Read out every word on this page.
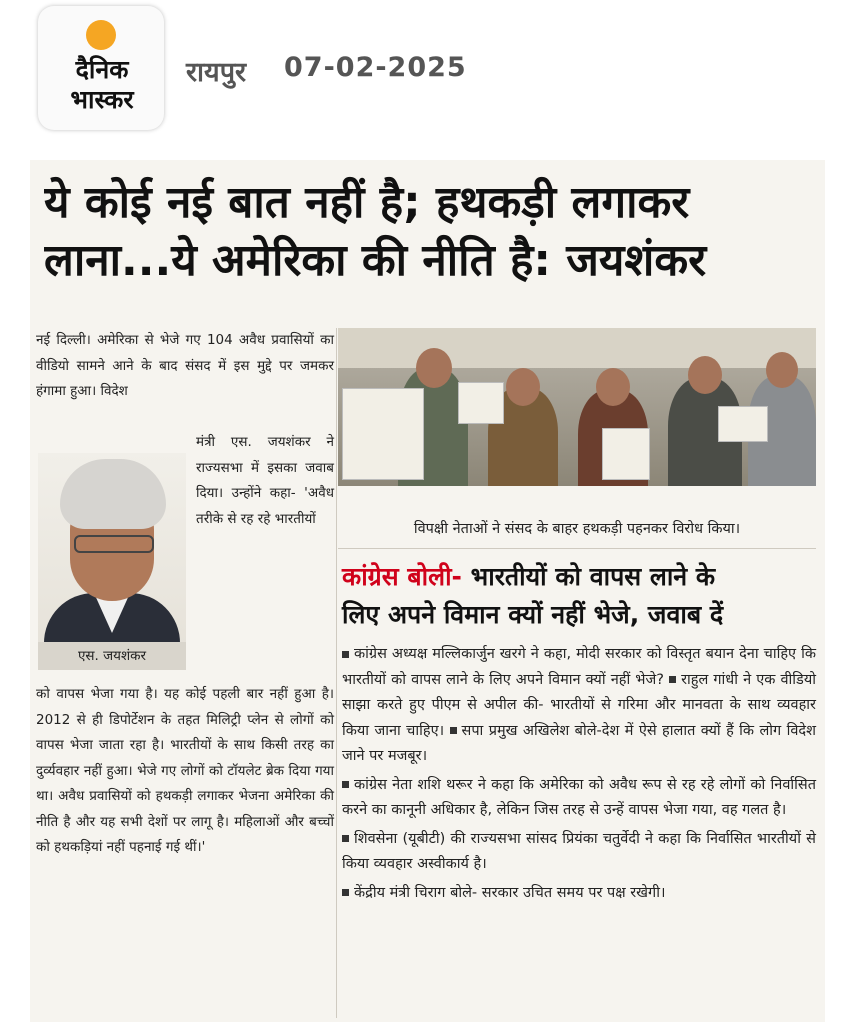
दैनिक
भास्कर
रायपुर 07-02-2025
ये कोई नई बात नहीं है; हथकड़ी लगाकर
लाना...ये अमेरिका की नीति है: जयशंकर
नई दिल्ली। अमेरिका से भेजे गए 104 अवैध प्रवासियों का वीडियो सामने आने के बाद संसद में इस मुद्दे पर जमकर हंगामा हुआ। विदेश
एस. जयशंकर
मंत्री एस. जयशंकर ने राज्यसभा में इसका जवाब दिया। उन्होंने कहा- 'अवैध तरीके से रह रहे भारतीयों
को वापस भेजा गया है। यह कोई पहली बार नहीं हुआ है। 2012 से ही डिपोर्टेशन के तहत मिलिट्री प्लेन से लोगों को वापस भेजा जाता रहा है। भारतीयों के साथ किसी तरह का दुर्व्यवहार नहीं हुआ। भेजे गए लोगों को टॉयलेट ब्रेक दिया गया था। अवैध प्रवासियों को हथकड़ी लगाकर भेजना अमेरिका की नीति है और यह सभी देशों पर लागू है। महिलाओं और बच्चों को हथकड़ियां नहीं पहनाई गई थीं।'
विपक्षी नेताओं ने संसद के बाहर हथकड़ी पहनकर विरोध किया।
कांग्रेस बोली- भारतीयों को वापस लाने के
लिए अपने विमान क्यों नहीं भेजे, जवाब दें

कांग्रेस अध्यक्ष मल्लिकार्जुन खरगे ने कहा, मोदी सरकार को विस्तृत बयान देना चाहिए कि भारतीयों को वापस लाने के लिए अपने विमान क्यों नहीं भेजे? राहुल गांधी ने एक वीडियो साझा करते हुए पीएम से अपील की- भारतीयों से गरिमा और मानवता के साथ व्यवहार किया जाना चाहिए। सपा प्रमुख अखिलेश बोले-देश में ऐसे हालात क्यों हैं कि लोग विदेश जाने पर मजबूर।

कांग्रेस नेता शशि थरूर ने कहा कि अमेरिका को अवैध रूप से रह रहे लोगों को निर्वासित करने का कानूनी अधिकार है, लेकिन जिस तरह से उन्हें वापस भेजा गया, वह गलत है।

शिवसेना (यूबीटी) की राज्यसभा सांसद प्रियंका चतुर्वेदी ने कहा कि निर्वासित भारतीयों से किया व्यवहार अस्वीकार्य है।

केंद्रीय मंत्री चिराग बोले- सरकार उचित समय पर पक्ष रखेगी।
